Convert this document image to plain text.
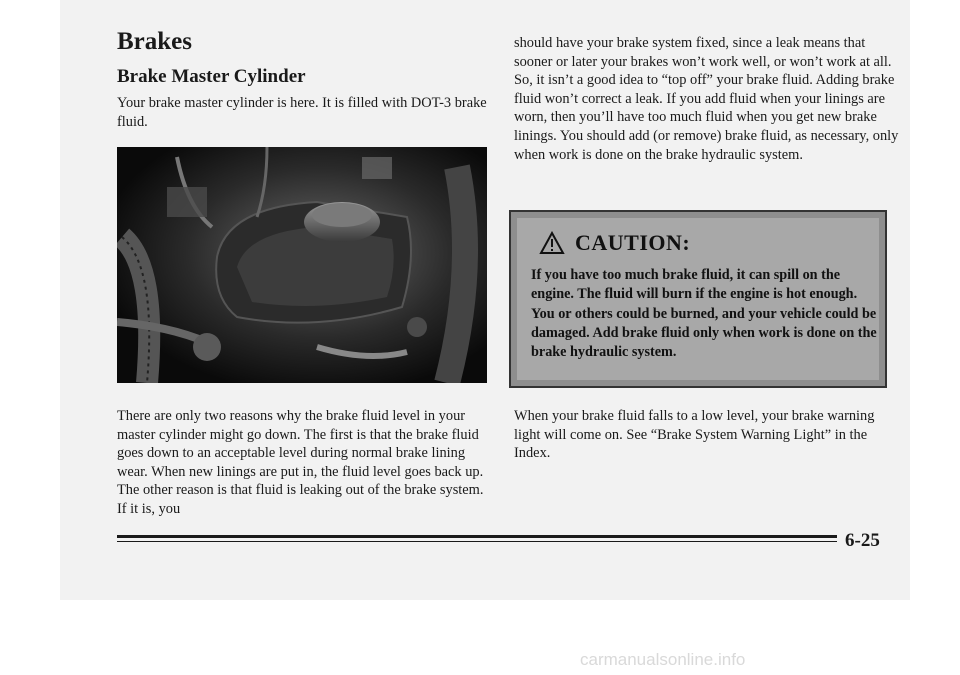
Brakes
Brake Master Cylinder

Your brake master cylinder is here. It is filled with DOT-3 brake fluid.

There are only two reasons why the brake fluid level in your master cylinder might go down. The first is that the brake fluid goes down to an acceptable level during normal brake lining wear. When new linings are put in, the fluid level goes back up. The other reason is that fluid is leaking out of the brake system. If it is, you

should have your brake system fixed, since a leak means that sooner or later your brakes won’t work well, or won’t work at all. So, it isn’t a good idea to “top off” your brake fluid. Adding brake fluid won’t correct a leak. If you add fluid when your linings are worn, then you’ll have too much fluid when you get new brake linings. You should add (or remove) brake fluid, as necessary, only when work is done on the brake hydraulic system.

CAUTION:

If you have too much brake fluid, it can spill on the engine. The fluid will burn if the engine is hot enough. You or others could be burned, and your vehicle could be damaged. Add brake fluid only when work is done on the brake hydraulic system.

When your brake fluid falls to a low level, your brake warning light will come on. See “Brake System Warning Light” in the Index.

6-25
carmanualsonline.info
